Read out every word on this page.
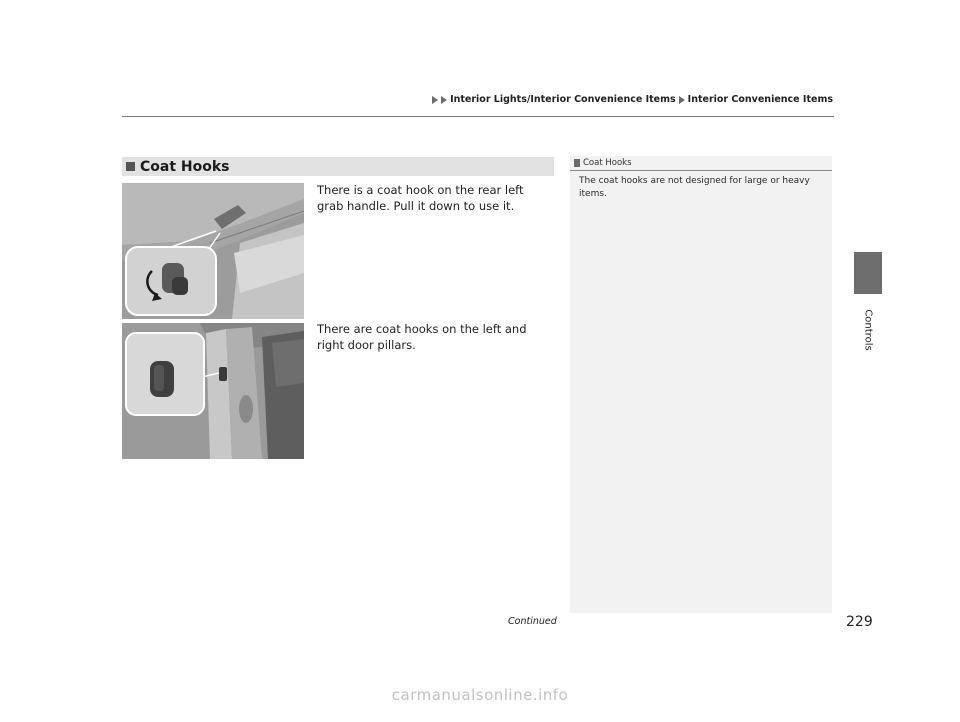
Interior Lights/Interior Convenience Items Interior Convenience Items
Controls
Coat Hooks
There is a coat hook on the rear left grab handle. Pull it down to use it.
There are coat hooks on the left and right door pillars.
Coat Hooks
The coat hooks are not designed for large or heavy items.
Continued	229
carmanualsonline.info
